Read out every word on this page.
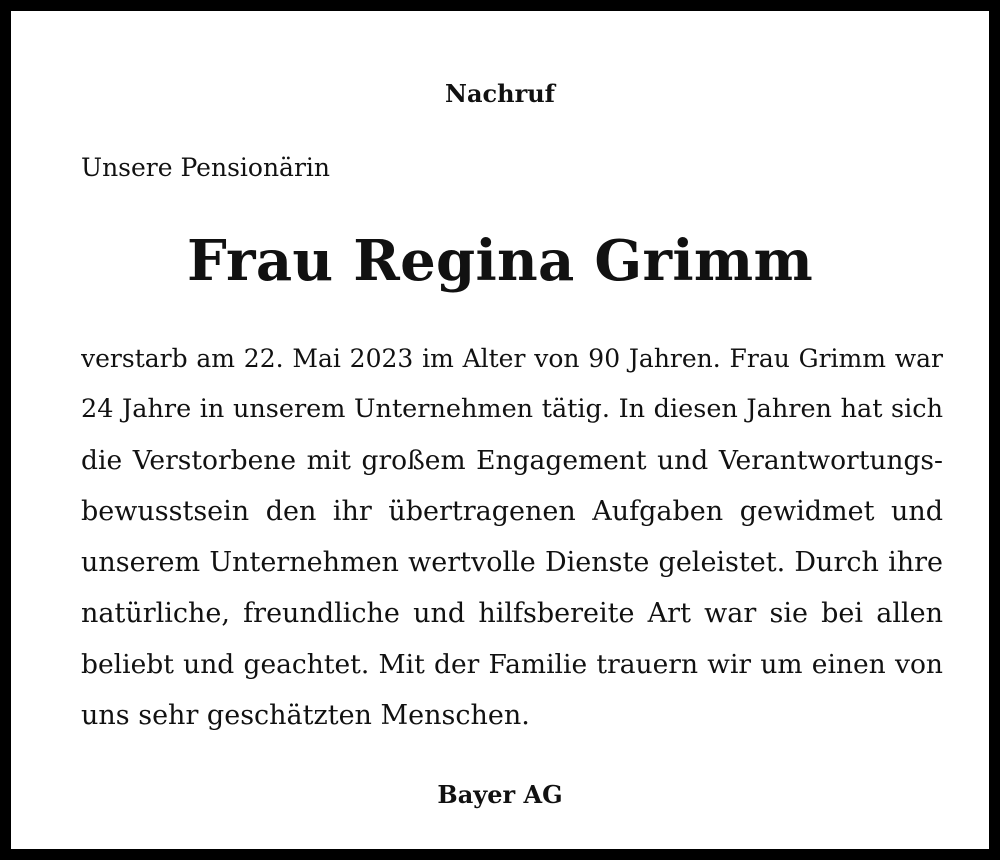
Nachruf
Unsere Pensionärin
Frau Regina Grimm
verstarb am 22. Mai 2023 im Alter von 90 Jahren. Frau Grimm war
24 Jahre in unserem Unternehmen tätig. In diesen Jahren hat sich
die Verstorbene mit großem Engagement und Verantwortungs-
bewusstsein den ihr übertragenen Aufgaben gewidmet und
unserem Unternehmen wertvolle Dienste geleistet. Durch ihre
natürliche, freundliche und hilfsbereite Art war sie bei allen
beliebt und geachtet. Mit der Familie trauern wir um einen von
uns sehr geschätzten Menschen.
Bayer AG
